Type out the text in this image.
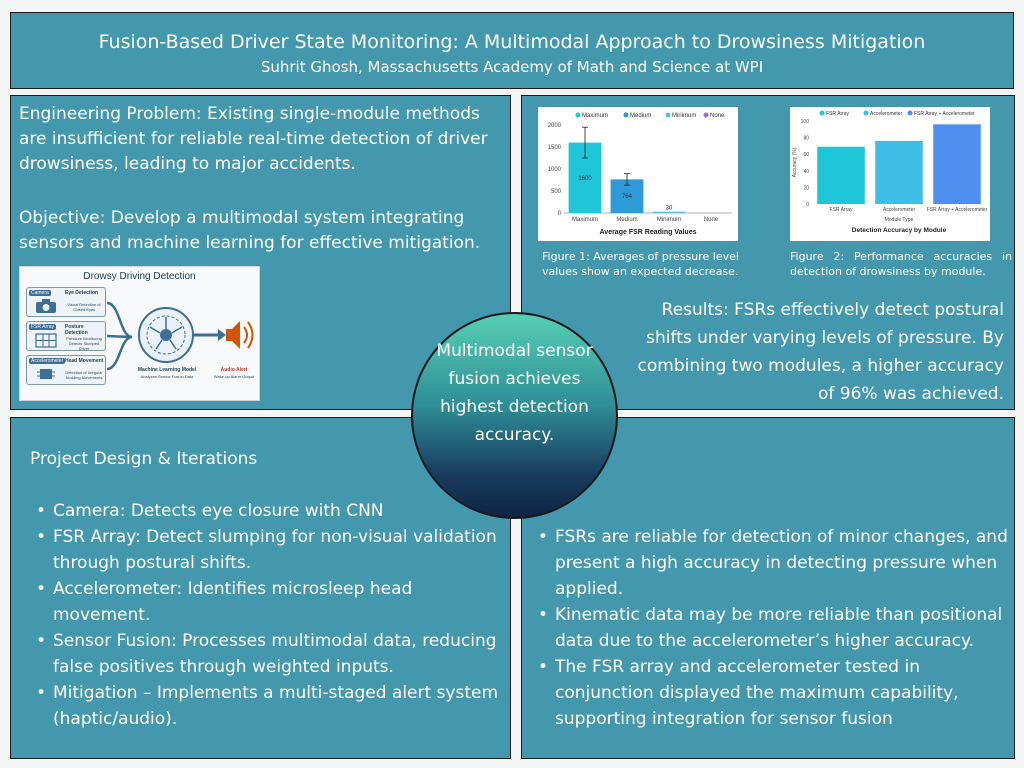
Fusion-Based Driver State Monitoring: A Multimodal Approach to Drowsiness Mitigation
Suhrit Ghosh, Massachusetts Academy of Math and Science at WPI
Engineering Problem: Existing single-module methods are insufficient for reliable real-time detection of driver drowsiness, leading to major accidents.
Objective: Develop a multimodal system integrating sensors and machine learning for effective mitigation.
Drowsy Driving Detection
Camera	Eye Detection
Visual Detection of Closed Eyes
FSR Array	Posture Detection
Pressure Monitoring Detects Slumped Driver
Accelerometer Head Movement
Detection of Irregular Nodding Movements
Machine Learning Model
Analyzes Sensor Fusion Data
Audio Alert
Wake-up Alarm Output
Maximum	Medium	Minimum None
0
500
1000
1500
2000
1600
Maximum
764
Medium
30
Minimum	None
Average FSR Reading Values
FSR Array	Accelerometer FSR Array + Accelerometer
0
20
40
60
80
100
Accuracy (%)
FSR Array	Accelerometer FSR Array + Accelerometer
Module Type
Detection Accuracy by Module
Figure 1: Averages of pressure level values show an expected decrease.
Figure 2: Performance accuracies in detection of drowsiness by module.
Results: FSRs effectively detect postural shifts under varying levels of pressure. By combining two modules, a higher accuracy of 96% was achieved.
Project Design & Iterations
• Camera: Detects eye closure with CNN
• FSR Array: Detect slumping for non-visual validation through postural shifts.
• Accelerometer: Identifies microsleep head movement.
• Sensor Fusion: Processes multimodal data, reducing false positives through weighted inputs.
• Mitigation – Implements a multi-staged alert system (haptic/audio).
• FSRs are reliable for detection of minor changes, and present a high accuracy in detecting pressure when applied.
• Kinematic data may be more reliable than positional data due to the accelerometer’s higher accuracy.
• The FSR array and accelerometer tested in conjunction displayed the maximum capability, supporting integration for sensor fusion
Multimodal sensor fusion achieves highest detection accuracy.
